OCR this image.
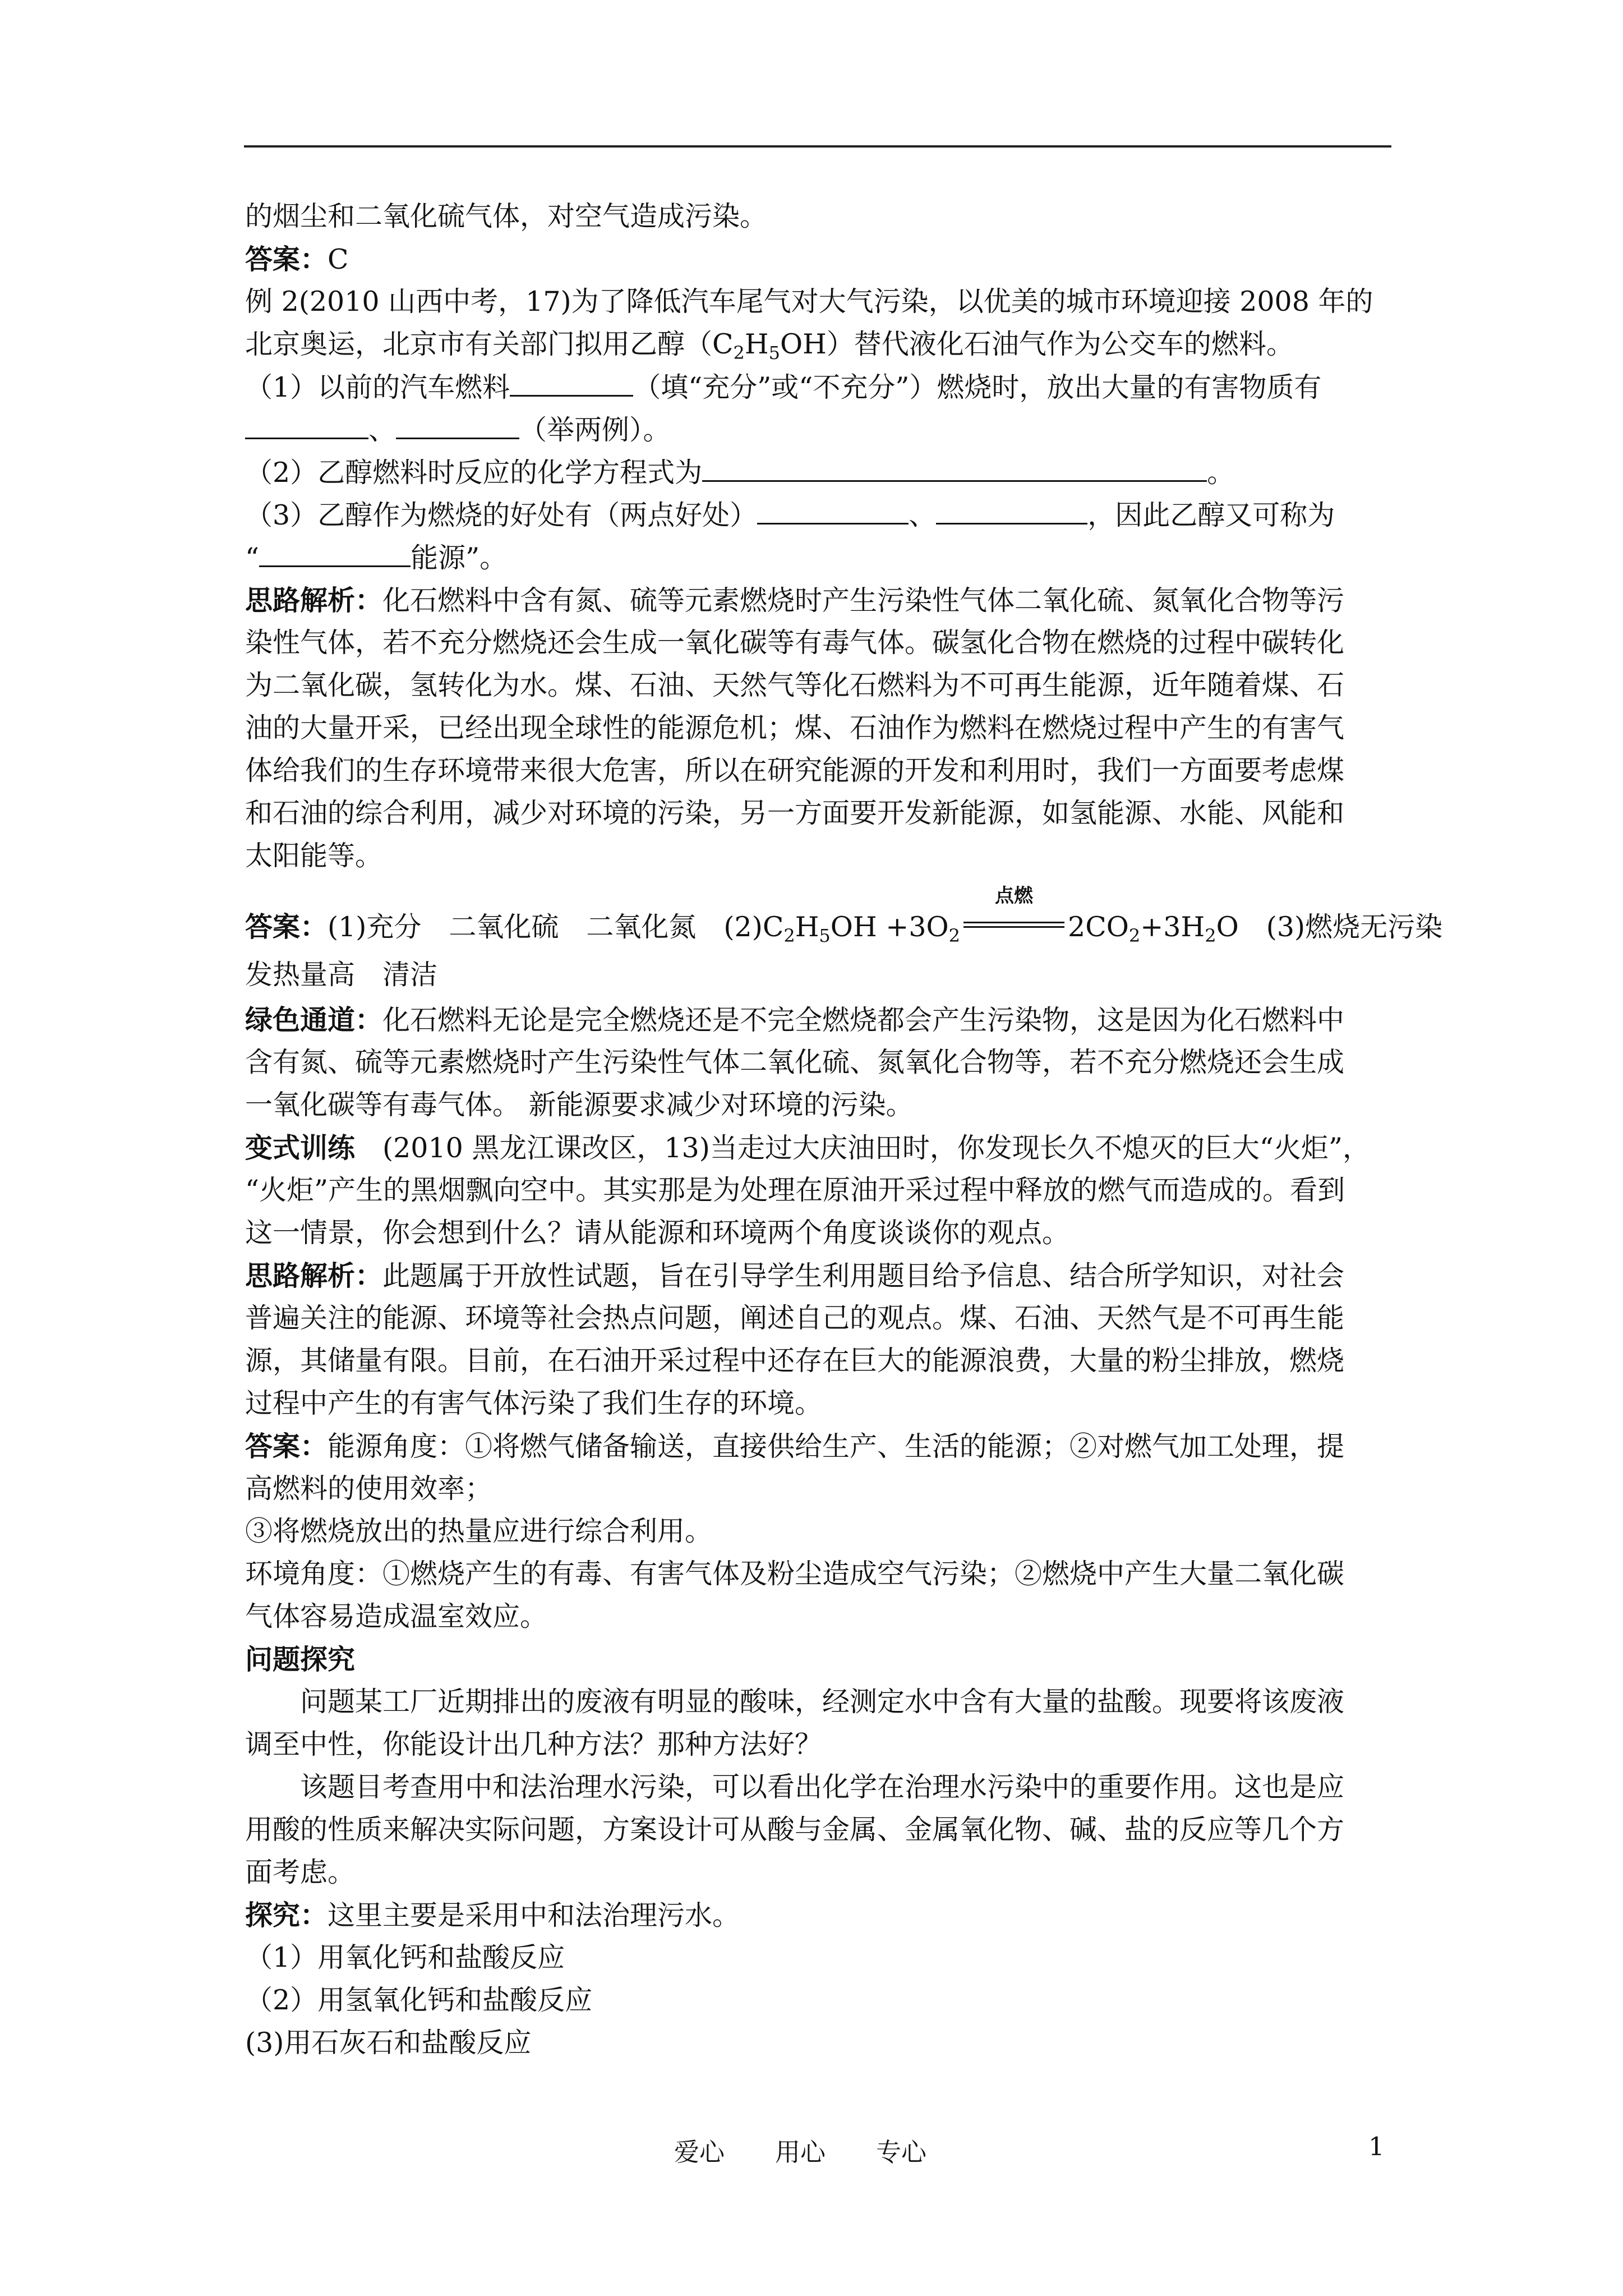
的烟尘和二氧化硫气体，对空气造成污染。
答案：C
例 2(2010 山西中考，17)为了降低汽车尾气对大气污染，以优美的城市环境迎接 2008 年的
北京奥运，北京市有关部门拟用乙醇$(C_2H_5OH)$替代液化石油气作为公交车的燃料。
（1）以前的汽车燃料	（填“充分”或“不充分”）燃烧时，放出大量的有害物质有
、	（举两例）。
（2）乙醇燃料时反应的化学方程式为	。
（3）乙醇作为燃烧的好处有（两点好处）	、	，因此乙醇又可称为
“	能源”。
思路解析：化石燃料中含有氮、硫等元素燃烧时产生污染性气体二氧化硫、氮氧化合物等污
染性气体，若不充分燃烧还会生成一氧化碳等有毒气体。碳氢化合物在燃烧的过程中碳转化
为二氧化碳，氢转化为水。煤、石油、天然气等化石燃料为不可再生能源，近年随着煤、石
油的大量开采，已经出现全球性的能源危机；煤、石油作为燃料在燃烧过程中产生的有害气
体给我们的生存环境带来很大危害，所以在研究能源的开发和利用时，我们一方面要考虑煤
和石油的综合利用，减少对环境的污染，另一方面要开发新能源，如氢能源、水能、风能和
太阳能等。
答案：(1)充分　二氧化硫　二氧化氮　$(2)C_2H_5OH +3O_2$
点燃
$2CO_2+3H_2O$　(3)燃烧无污染
发热量高　清洁
绿色通道：化石燃料无论是完全燃烧还是不完全燃烧都会产生污染物，这是因为化石燃料中
含有氮、硫等元素燃烧时产生污染性气体二氧化硫、氮氧化合物等，若不充分燃烧还会生成
一氧化碳等有毒气体。 新能源要求减少对环境的污染。
变式训练　(2010 黑龙江课改区，13)当走过大庆油田时，你发现长久不熄灭的巨大“火炬”，
“火炬”产生的黑烟飘向空中。其实那是为处理在原油开采过程中释放的燃气而造成的。看到
这一情景，你会想到什么？请从能源和环境两个角度谈谈你的观点。
思路解析：此题属于开放性试题，旨在引导学生利用题目给予信息、结合所学知识，对社会
普遍关注的能源、环境等社会热点问题，阐述自己的观点。煤、石油、天然气是不可再生能
源，其储量有限。目前，在石油开采过程中还存在巨大的能源浪费，大量的粉尘排放，燃烧
过程中产生的有害气体污染了我们生存的环境。
答案：能源角度：①将燃气储备输送，直接供给生产、生活的能源；②对燃气加工处理，提
高燃料的使用效率；
③将燃烧放出的热量应进行综合利用。
环境角度：①燃烧产生的有毒、有害气体及粉尘造成空气污染；②燃烧中产生大量二氧化碳
气体容易造成温室效应。
问题探究
问题某工厂近期排出的废液有明显的酸味，经测定水中含有大量的盐酸。现要将该废液
调至中性，你能设计出几种方法？那种方法好？
该题目考查用中和法治理水污染，可以看出化学在治理水污染中的重要作用。这也是应
用酸的性质来解决实际问题，方案设计可从酸与金属、金属氧化物、碱、盐的反应等几个方
面考虑。
探究：这里主要是采用中和法治理污水。
（1）用氧化钙和盐酸反应
（2）用氢氧化钙和盐酸反应
(3)用石灰石和盐酸反应
爱心　　用心　　专心	1
